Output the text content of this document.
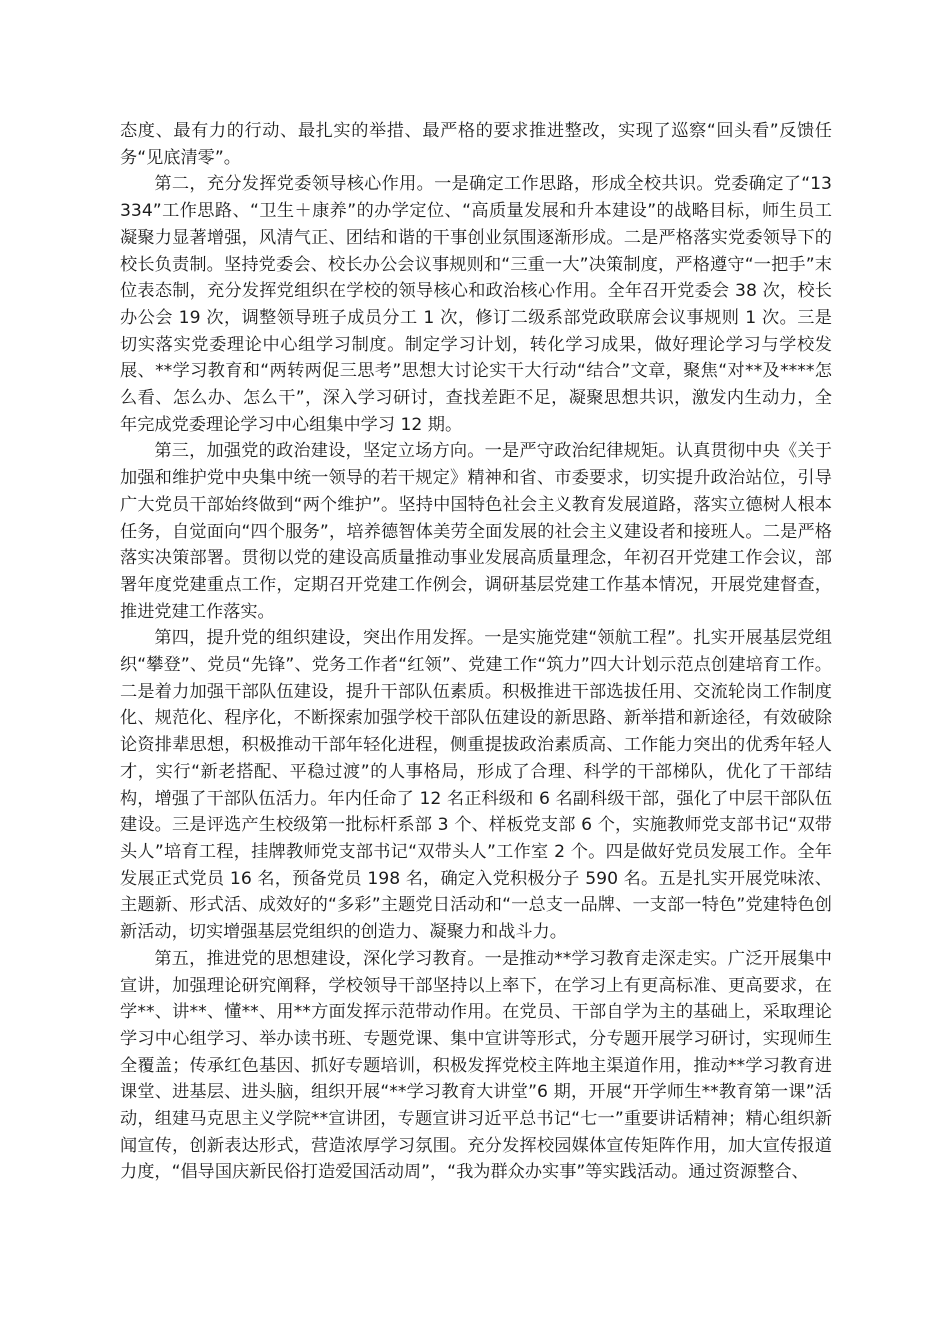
态度、最有力的行动、最扎实的举措、最严格的要求推进整改，实现了巡察“回头看”反馈任务“见底清零”。

第二，充分发挥党委领导核心作用。一是确定工作思路，形成全校共识。党委确定了“13334”工作思路、“卫生＋康养”的办学定位、“高质量发展和升本建设”的战略目标，师生员工凝聚力显著增强，风清气正、团结和谐的干事创业氛围逐渐形成。二是严格落实党委领导下的校长负责制。坚持党委会、校长办公会议事规则和“三重一大”决策制度，严格遵守“一把手”末位表态制，充分发挥党组织在学校的领导核心和政治核心作用。全年召开党委会 38 次，校长办公会 19 次，调整领导班子成员分工 1 次，修订二级系部党政联席会议事规则 1 次。三是切实落实党委理论中心组学习制度。制定学习计划，转化学习成果，做好理论学习与学校发展、**学习教育和“两转两促三思考”思想大讨论实干大行动“结合”文章，聚焦“对**及****怎么看、怎么办、怎么干”，深入学习研讨，查找差距不足，凝聚思想共识，激发内生动力，全年完成党委理论学习中心组集中学习 12 期。

第三，加强党的政治建设，坚定立场方向。一是严守政治纪律规矩。认真贯彻中央《关于加强和维护党中央集中统一领导的若干规定》精神和省、市委要求，切实提升政治站位，引导广大党员干部始终做到“两个维护”。坚持中国特色社会主义教育发展道路，落实立德树人根本任务，自觉面向“四个服务”，培养德智体美劳全面发展的社会主义建设者和接班人。二是严格落实决策部署。贯彻以党的建设高质量推动事业发展高质量理念，年初召开党建工作会议，部署年度党建重点工作，定期召开党建工作例会，调研基层党建工作基本情况，开展党建督查，推进党建工作落实。

第四，提升党的组织建设，突出作用发挥。一是实施党建“领航工程”。扎实开展基层党组织“攀登”、党员“先锋”、党务工作者“红领”、党建工作“筑力”四大计划示范点创建培育工作。二是着力加强干部队伍建设，提升干部队伍素质。积极推进干部选拔任用、交流轮岗工作制度化、规范化、程序化，不断探索加强学校干部队伍建设的新思路、新举措和新途径，有效破除论资排辈思想，积极推动干部年轻化进程，侧重提拔政治素质高、工作能力突出的优秀年轻人才，实行“新老搭配、平稳过渡”的人事格局，形成了合理、科学的干部梯队，优化了干部结构，增强了干部队伍活力。年内任命了 12 名正科级和 6 名副科级干部，强化了中层干部队伍建设。三是评选产生校级第一批标杆系部 3 个、样板党支部 6 个，实施教师党支部书记“双带头人”培育工程，挂牌教师党支部书记“双带头人”工作室 2 个。四是做好党员发展工作。全年发展正式党员 16 名，预备党员 198 名，确定入党积极分子 590 名。五是扎实开展党味浓、主题新、形式活、成效好的“多彩”主题党日活动和“一总支一品牌、一支部一特色”党建特色创新活动，切实增强基层党组织的创造力、凝聚力和战斗力。

第五，推进党的思想建设，深化学习教育。一是推动**学习教育走深走实。广泛开展集中宣讲，加强理论研究阐释，学校领导干部坚持以上率下，在学习上有更高标准、更高要求，在学**、讲**、懂**、用**方面发挥示范带动作用。在党员、干部自学为主的基础上，采取理论学习中心组学习、举办读书班、专题党课、集中宣讲等形式，分专题开展学习研讨，实现师生全覆盖；传承红色基因、抓好专题培训，积极发挥党校主阵地主渠道作用，推动**学习教育进课堂、进基层、进头脑，组织开展“**学习教育大讲堂”6 期，开展“开学师生**教育第一课”活动，组建马克思主义学院**宣讲团，专题宣讲习近平总书记“七一”重要讲话精神；精心组织新闻宣传，创新表达形式，营造浓厚学习氛围。充分发挥校园媒体宣传矩阵作用，加大宣传报道力度，“倡导国庆新民俗打造爱国活动周”，“我为群众办实事”等实践活动。通过资源整合、
